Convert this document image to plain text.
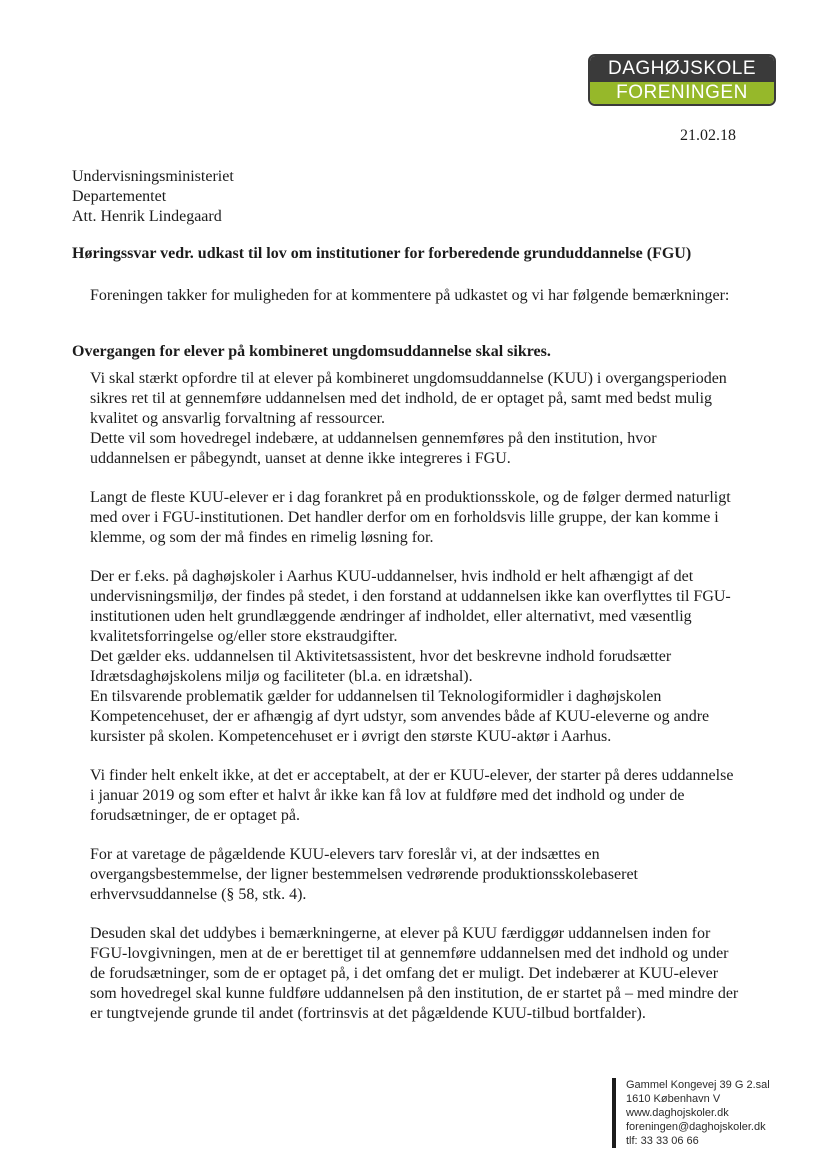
DAGHØJSKOLE
FORENINGEN
21.02.18
Undervisningsministeriet
Departementet
Att. Henrik Lindegaard
Høringssvar vedr. udkast til lov om institutioner for forberedende grunduddannelse (FGU)
Foreningen takker for muligheden for at kommentere på udkastet og vi har følgende bemærkninger:
Overgangen for elever på kombineret ungdomsuddannelse skal sikres.

Vi skal stærkt opfordre til at elever på kombineret ungdomsuddannelse (KUU) i overgangsperioden sikres ret til at gennemføre uddannelsen med det indhold, de er optaget på, samt med bedst mulig kvalitet og ansvarlig forvaltning af ressourcer.
Dette vil som hovedregel indebære, at uddannelsen gennemføres på den institution, hvor uddannelsen er påbegyndt, uanset at denne ikke integreres i FGU.

Langt de fleste KUU-elever er i dag forankret på en produktionsskole, og de følger dermed naturligt med over i FGU-institutionen. Det handler derfor om en forholdsvis lille gruppe, der kan komme i klemme, og som der må findes en rimelig løsning for.

Der er f.eks. på daghøjskoler i Aarhus KUU-uddannelser, hvis indhold er helt afhængigt af det undervisningsmiljø, der findes på stedet, i den forstand at uddannelsen ikke kan overflyttes til FGU-institutionen uden helt grundlæggende ændringer af indholdet, eller alternativt, med væsentlig kvalitetsforringelse og/eller store ekstraudgifter.
Det gælder eks. uddannelsen til Aktivitetsassistent, hvor det beskrevne indhold forudsætter Idrætsdaghøjskolens miljø og faciliteter (bl.a. en idrætshal).
En tilsvarende problematik gælder for uddannelsen til Teknologiformidler i daghøjskolen Kompetencehuset, der er afhængig af dyrt udstyr, som anvendes både af KUU-eleverne og andre kursister på skolen. Kompetencehuset er i øvrigt den største KUU-aktør i Aarhus.

Vi finder helt enkelt ikke, at det er acceptabelt, at der er KUU-elever, der starter på deres uddannelse i januar 2019 og som efter et halvt år ikke kan få lov at fuldføre med det indhold og under de forudsætninger, de er optaget på.

For at varetage de pågældende KUU-elevers tarv foreslår vi, at der indsættes en overgangsbestemmelse, der ligner bestemmelsen vedrørende produktionsskolebaseret erhvervsuddannelse (§ 58, stk. 4).

Desuden skal det uddybes i bemærkningerne, at elever på KUU færdiggør uddannelsen inden for FGU-lovgivningen, men at de er berettiget til at gennemføre uddannelsen med det indhold og under de forudsætninger, som de er optaget på, i det omfang det er muligt. Det indebærer at KUU-elever som hovedregel skal kunne fuldføre uddannelsen på den institution, de er startet på – med mindre der er tungtvejende grunde til andet (fortrinsvis at det pågældende KUU-tilbud bortfalder).

Gammel Kongevej 39 G 2.sal
1610 København V
www.daghojskoler.dk
foreningen@daghojskoler.dk
tlf: 33 33 06 66
